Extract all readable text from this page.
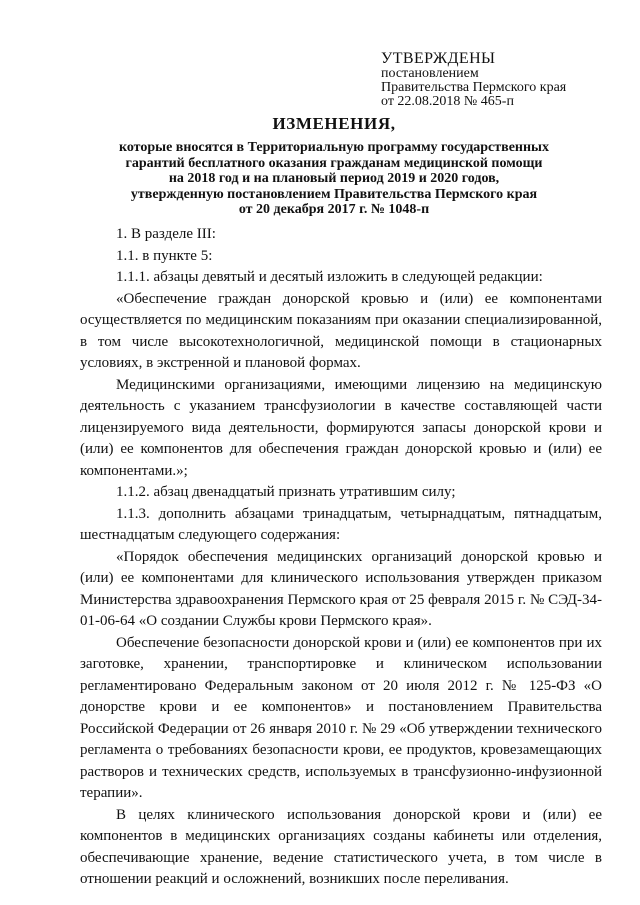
УТВЕРЖДЕНЫ
постановлением
Правительства Пермского края
от 22.08.2018 № 465-п
ИЗМЕНЕНИЯ,
которые вносятся в Территориальную программу государственных
гарантий бесплатного оказания гражданам медицинской помощи
на 2018 год и на плановый период 2019 и 2020 годов,
утвержденную постановлением Правительства Пермского края
от 20 декабря 2017 г. № 1048-п

1. В разделе III:

1.1. в пункте 5:

1.1.1. абзацы девятый и десятый изложить в следующей редакции:

«Обеспечение граждан донорской кровью и (или) ее компонентами осуществляется по медицинским показаниям при оказании специализированной, в том числе высокотехнологичной, медицинской помощи в стационарных условиях, в экстренной и плановой формах.

Медицинскими организациями, имеющими лицензию на медицинскую деятельность с указанием трансфузиологии в качестве составляющей части лицензируемого вида деятельности, формируются запасы донорской крови и (или) ее компонентов для обеспечения граждан донорской кровью и (или) ее компонентами.»;

1.1.2. абзац двенадцатый признать утратившим силу;

1.1.3. дополнить абзацами тринадцатым, четырнадцатым, пятнадцатым, шестнадцатым следующего содержания:

«Порядок обеспечения медицинских организаций донорской кровью и (или) ее компонентами для клинического использования утвержден приказом Министерства здравоохранения Пермского края от 25 февраля 2015 г. № СЭД-34-01-06-64 «О создании Службы крови Пермского края».

Обеспечение безопасности донорской крови и (или) ее компонентов при их заготовке, хранении, транспортировке и клиническом использовании регламентировано Федеральным законом от 20 июля 2012 г. № 125-ФЗ «О донорстве крови и ее компонентов» и постановлением Правительства Российской Федерации от 26 января 2010 г. № 29 «Об утверждении технического регламента о требованиях безопасности крови, ее продуктов, кровезамещающих растворов и технических средств, используемых в трансфузионно-инфузионной терапии».

В целях клинического использования донорской крови и (или) ее компонентов в медицинских организациях созданы кабинеты или отделения, обеспечивающие хранение, ведение статистического учета, в том числе в отношении реакций и осложнений, возникших после переливания.
